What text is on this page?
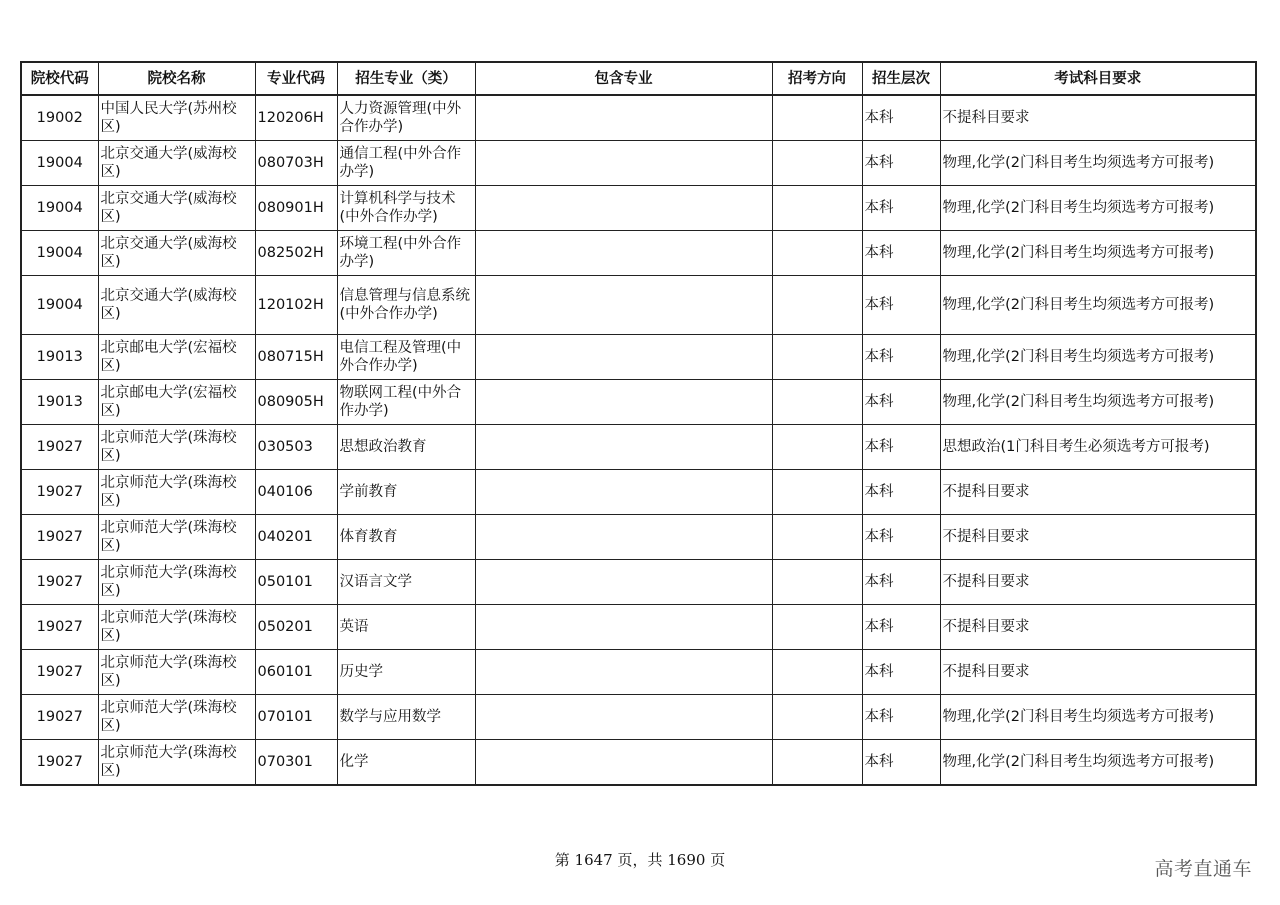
院校代码	院校名称	专业代码	招生专业（类）	包含专业	招考方向	招生层次	考试科目要求
19002	中国人民大学(苏州校区)	120206H	人力资源管理(中外合作办学)			本科	不提科目要求
19004	北京交通大学(威海校区)	080703H	通信工程(中外合作办学)			本科	物理,化学(2门科目考生均须选考方可报考)
19004	北京交通大学(威海校区)	080901H	计算机科学与技术(中外合作办学)			本科	物理,化学(2门科目考生均须选考方可报考)
19004	北京交通大学(威海校区)	082502H	环境工程(中外合作办学)			本科	物理,化学(2门科目考生均须选考方可报考)
19004	北京交通大学(威海校区)	120102H	信息管理与信息系统(中外合作办学)			本科	物理,化学(2门科目考生均须选考方可报考)
19013	北京邮电大学(宏福校区)	080715H	电信工程及管理(中外合作办学)			本科	物理,化学(2门科目考生均须选考方可报考)
19013	北京邮电大学(宏福校区)	080905H	物联网工程(中外合作办学)			本科	物理,化学(2门科目考生均须选考方可报考)
19027	北京师范大学(珠海校区)	030503	思想政治教育			本科	思想政治(1门科目考生必须选考方可报考)
19027	北京师范大学(珠海校区)	040106	学前教育			本科	不提科目要求
19027	北京师范大学(珠海校区)	040201	体育教育			本科	不提科目要求
19027	北京师范大学(珠海校区)	050101	汉语言文学			本科	不提科目要求
19027	北京师范大学(珠海校区)	050201	英语			本科	不提科目要求
19027	北京师范大学(珠海校区)	060101	历史学			本科	不提科目要求
19027	北京师范大学(珠海校区)	070101	数学与应用数学			本科	物理,化学(2门科目考生均须选考方可报考)
19027	北京师范大学(珠海校区)	070301	化学			本科	物理,化学(2门科目考生均须选考方可报考)
第 1647 页，共 1690 页	高考直通车
